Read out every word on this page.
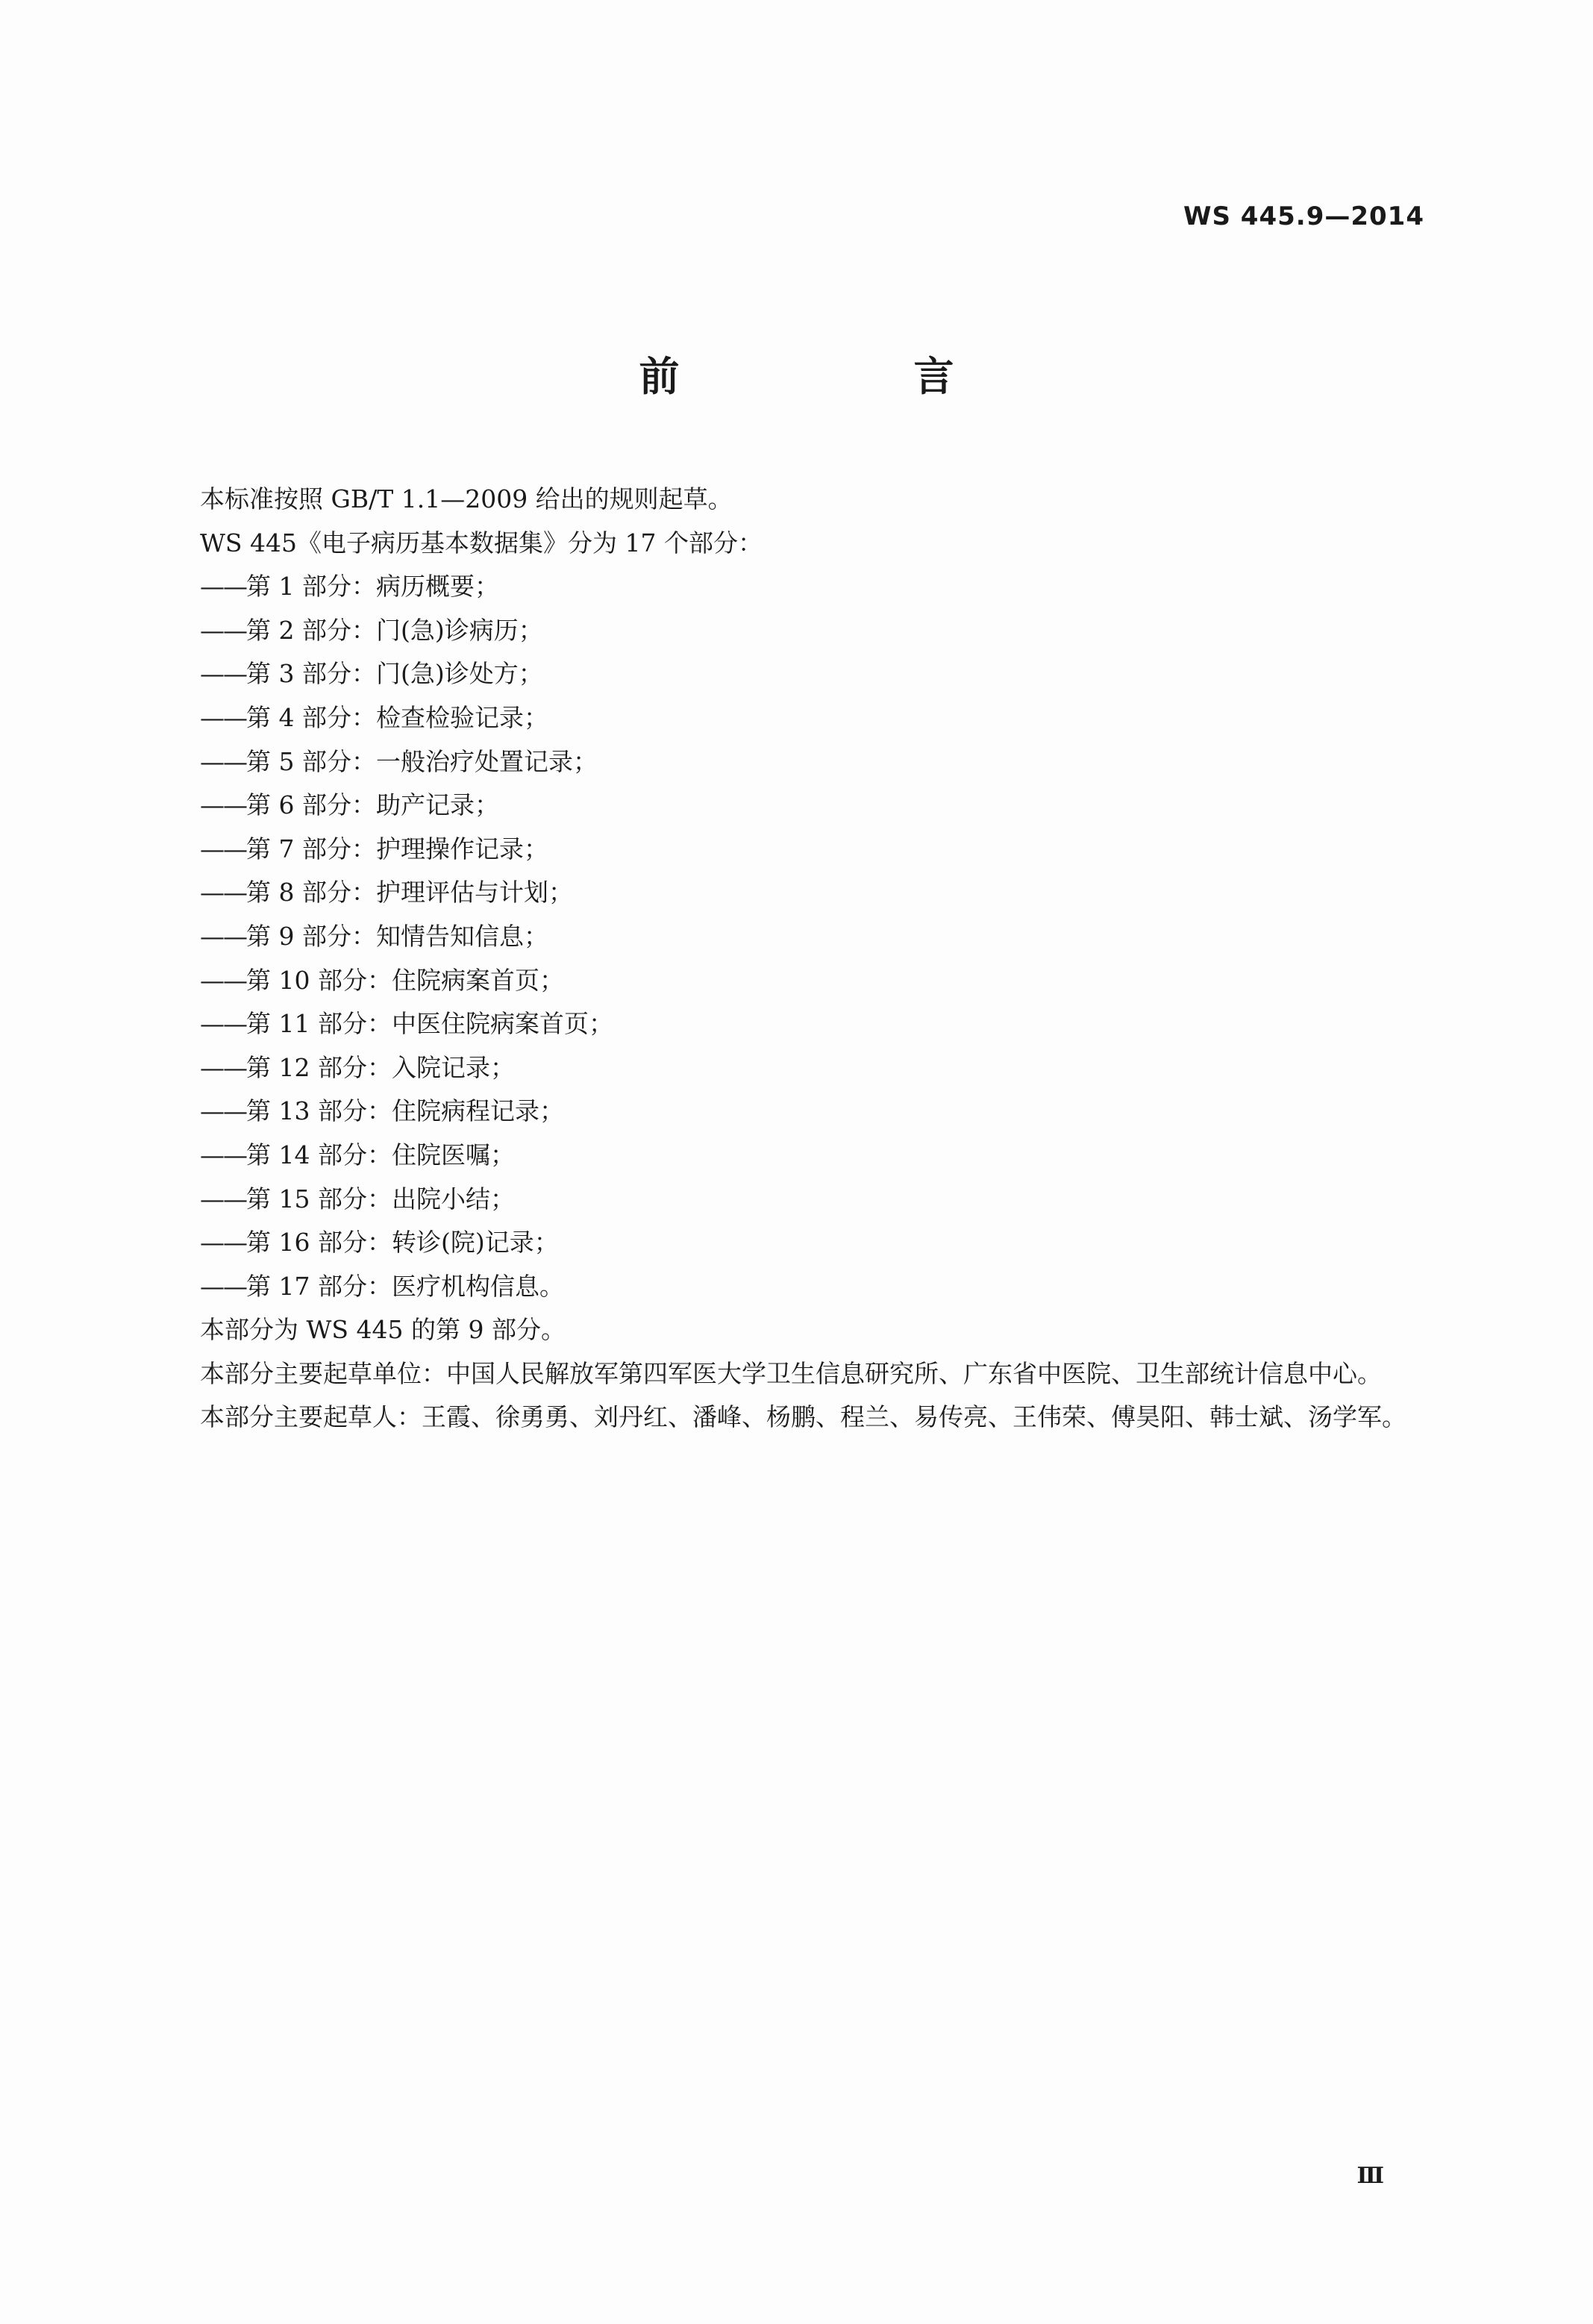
WS 445.9—2014
前　言

本标准按照 GB/T 1.1—2009 给出的规则起草。

WS 445《电子病历基本数据集》分为 17 个部分：

——第 1 部分：病历概要；
——第 2 部分：门(急)诊病历；
——第 3 部分：门(急)诊处方；
——第 4 部分：检查检验记录；
——第 5 部分：一般治疗处置记录；
——第 6 部分：助产记录；
——第 7 部分：护理操作记录；
——第 8 部分：护理评估与计划；
——第 9 部分：知情告知信息；
——第 10 部分：住院病案首页；
——第 11 部分：中医住院病案首页；
——第 12 部分：入院记录；
——第 13 部分：住院病程记录；
——第 14 部分：住院医嘱；
——第 15 部分：出院小结；
——第 16 部分：转诊(院)记录；
——第 17 部分：医疗机构信息。

本部分为 WS 445 的第 9 部分。

本部分主要起草单位：中国人民解放军第四军医大学卫生信息研究所、广东省中医院、卫生部统计信息中心。

本部分主要起草人：王霞、徐勇勇、刘丹红、潘峰、杨鹏、程兰、易传亮、王伟荣、傅昊阳、韩士斌、汤学军。

Ⅲ
